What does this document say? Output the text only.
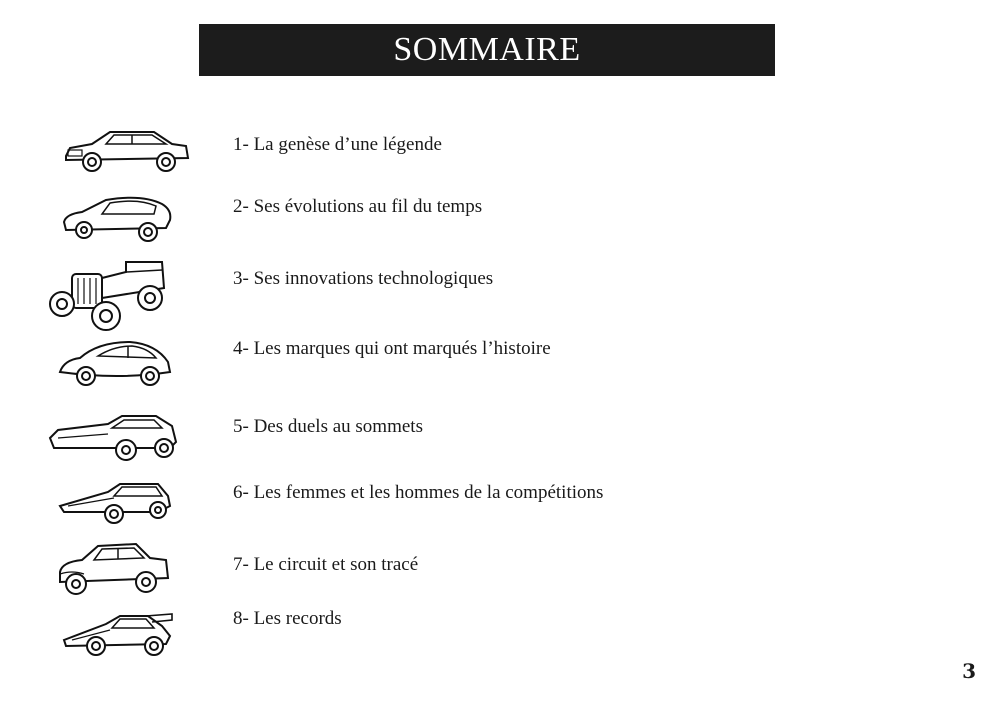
SOMMAIRE
1- La genèse d’une légende
2- Ses évolutions au fil du temps
3- Ses innovations technologiques
4- Les marques qui ont marqués l’histoire
5- Des duels au sommets
6- Les femmes et les hommes de la compétitions
7- Le circuit et son tracé
8- Les records
3
